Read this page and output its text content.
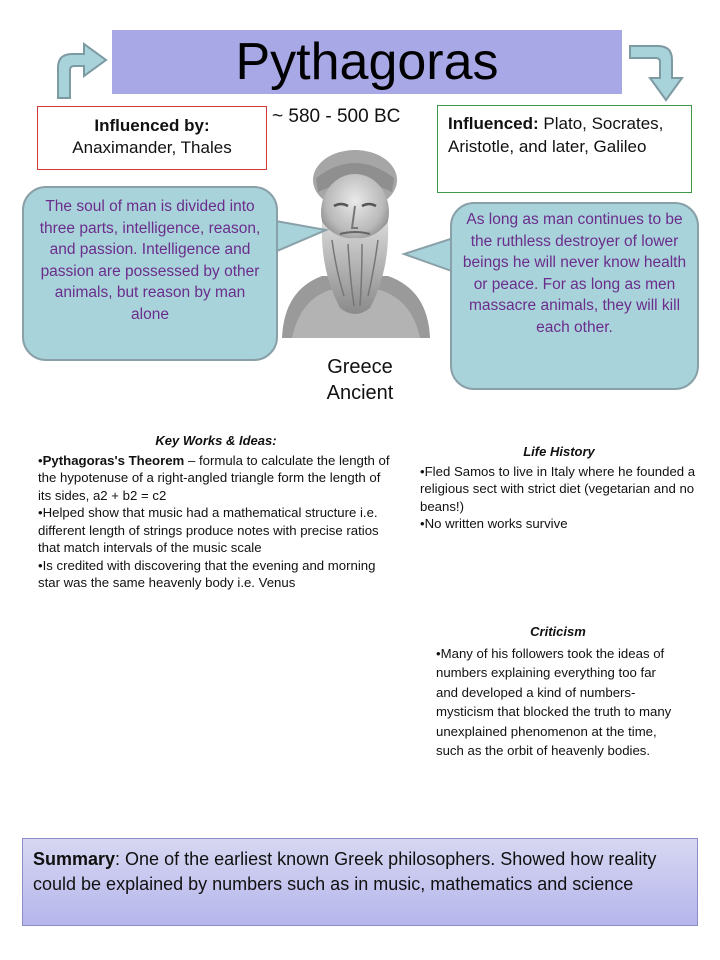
Pythagoras
~ 580 - 500 BC
Influenced by:
Anaximander, Thales
Influenced: Plato, Socrates, Aristotle, and later, Galileo
The soul of man is divided into three parts, intelligence, reason, and passion. Intelligence and passion are possessed by other animals, but reason by man alone
As long as man continues to be the ruthless destroyer of lower beings he will never know health or peace. For as long as men massacre animals, they will kill each other.
Greece
Ancient
Key Works & Ideas:
•Pythagoras's Theorem – formula to calculate the length of the hypotenuse of a right-angled triangle form the length of its sides, a2 + b2 = c2
•Helped show that music had a mathematical structure i.e. different length of strings produce notes with precise ratios that match intervals of the music scale
•Is credited with discovering that the evening and morning star was the same heavenly body i.e. Venus
Life History
•Fled Samos to live in Italy where he founded a religious sect with strict diet (vegetarian and no beans!)
•No written works survive
Criticism
•Many of his followers took the ideas of numbers explaining everything too far and developed a kind of numbers-mysticism that blocked the truth to many unexplained phenomenon at the time, such as the orbit of heavenly bodies.
Summary: One of the earliest known Greek philosophers. Showed how reality could be explained by numbers such as in music, mathematics and science
